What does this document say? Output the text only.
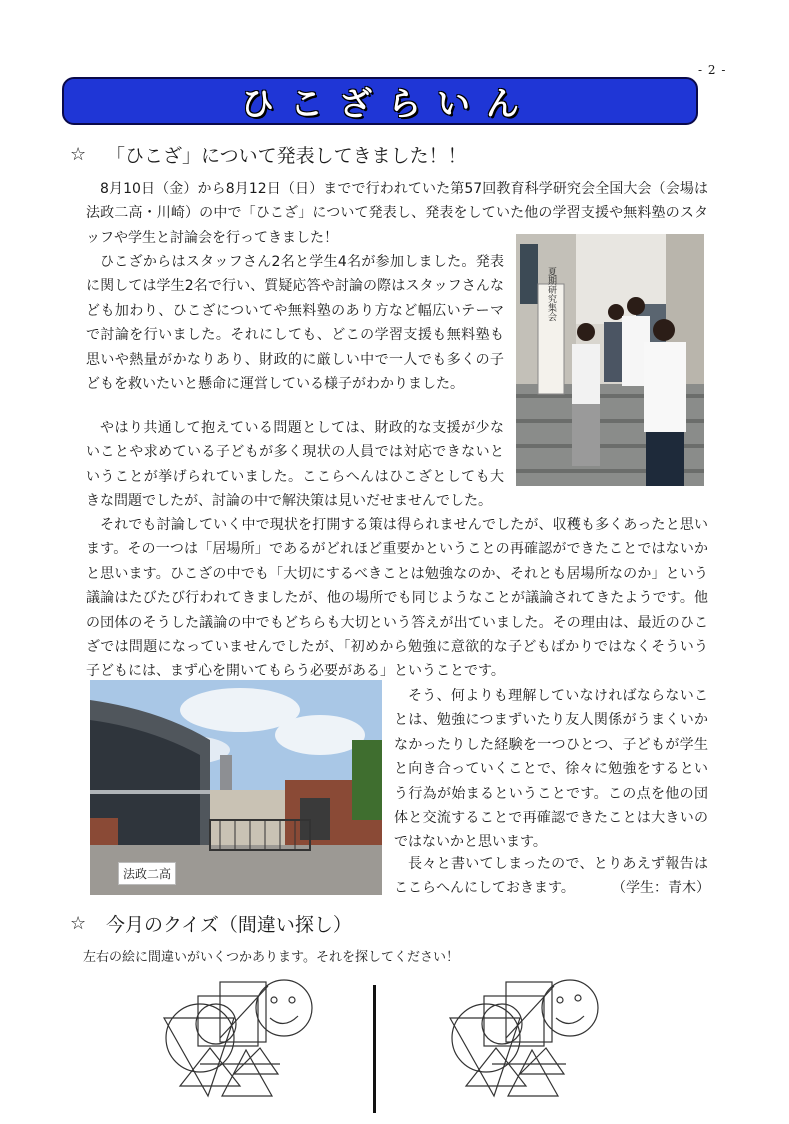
- 2 -
ひこざらいん
☆	「ひこざ」について発表してきました！！

8月10日（金）から8月12日（日）までで行われていた第57回教育科学研究会全国大会（会場は法政二高・川崎）の中で「ひこざ」について発表し、発表をしていた他の学習支援や無料塾のスタッフや学生と討論会を行ってきました！

ひこざからはスタッフさん2名と学生4名が参加しました。発表に関しては学生2名で行い、質疑応答や討論の際はスタッフさんなども加わり、ひこざについてや無料塾のあり方など幅広いテーマで討論を行いました。それにしても、どこの学習支援も無料塾も思いや熱量がかなりあり、財政的に厳しい中で一人でも多くの子どもを救いたいと懸命に運営している様子がわかりました。

やはり共通して抱えている問題としては、財政的な支援が少ないことや求めている子どもが多く現状の人員では対応できないということが挙げられていました。ここらへんはひこざとしても大きな問題でしたが、討論の中で解決策は見いだせませんでした。

夏期研究集会

それでも討論していく中で現状を打開する策は得られませんでしたが、収穫も多くあったと思います。その一つは「居場所」であるがどれほど重要かということの再確認ができたことではないかと思います。ひこざの中でも「大切にするべきことは勉強なのか、それとも居場所なのか」という議論はたびたび行われてきましたが、他の場所でも同じようなことが議論されてきたようです。他の団体のそうした議論の中でもどちらも大切という答えが出ていました。その理由は、最近のひこざでは問題になっていませんでしたが、「初めから勉強に意欲的な子どもばかりではなくそういう子どもには、まず心を開いてもらう必要がある」ということです。

法政二高

そう、何よりも理解していなければならないことは、勉強につまずいたり友人関係がうまくいかなかったりした経験を一つひとつ、子どもが学生と向き合っていくことで、徐々に勉強をするという行為が始まるということです。この点を他の団体と交流することで再確認できたことは大きいのではないかと思います。

長々と書いてしまったので、とりあえず報告はここらへんにしておきます。	（学生：青木）
☆	今月のクイズ（間違い探し）
左右の絵に間違いがいくつかあります。それを探してください！
